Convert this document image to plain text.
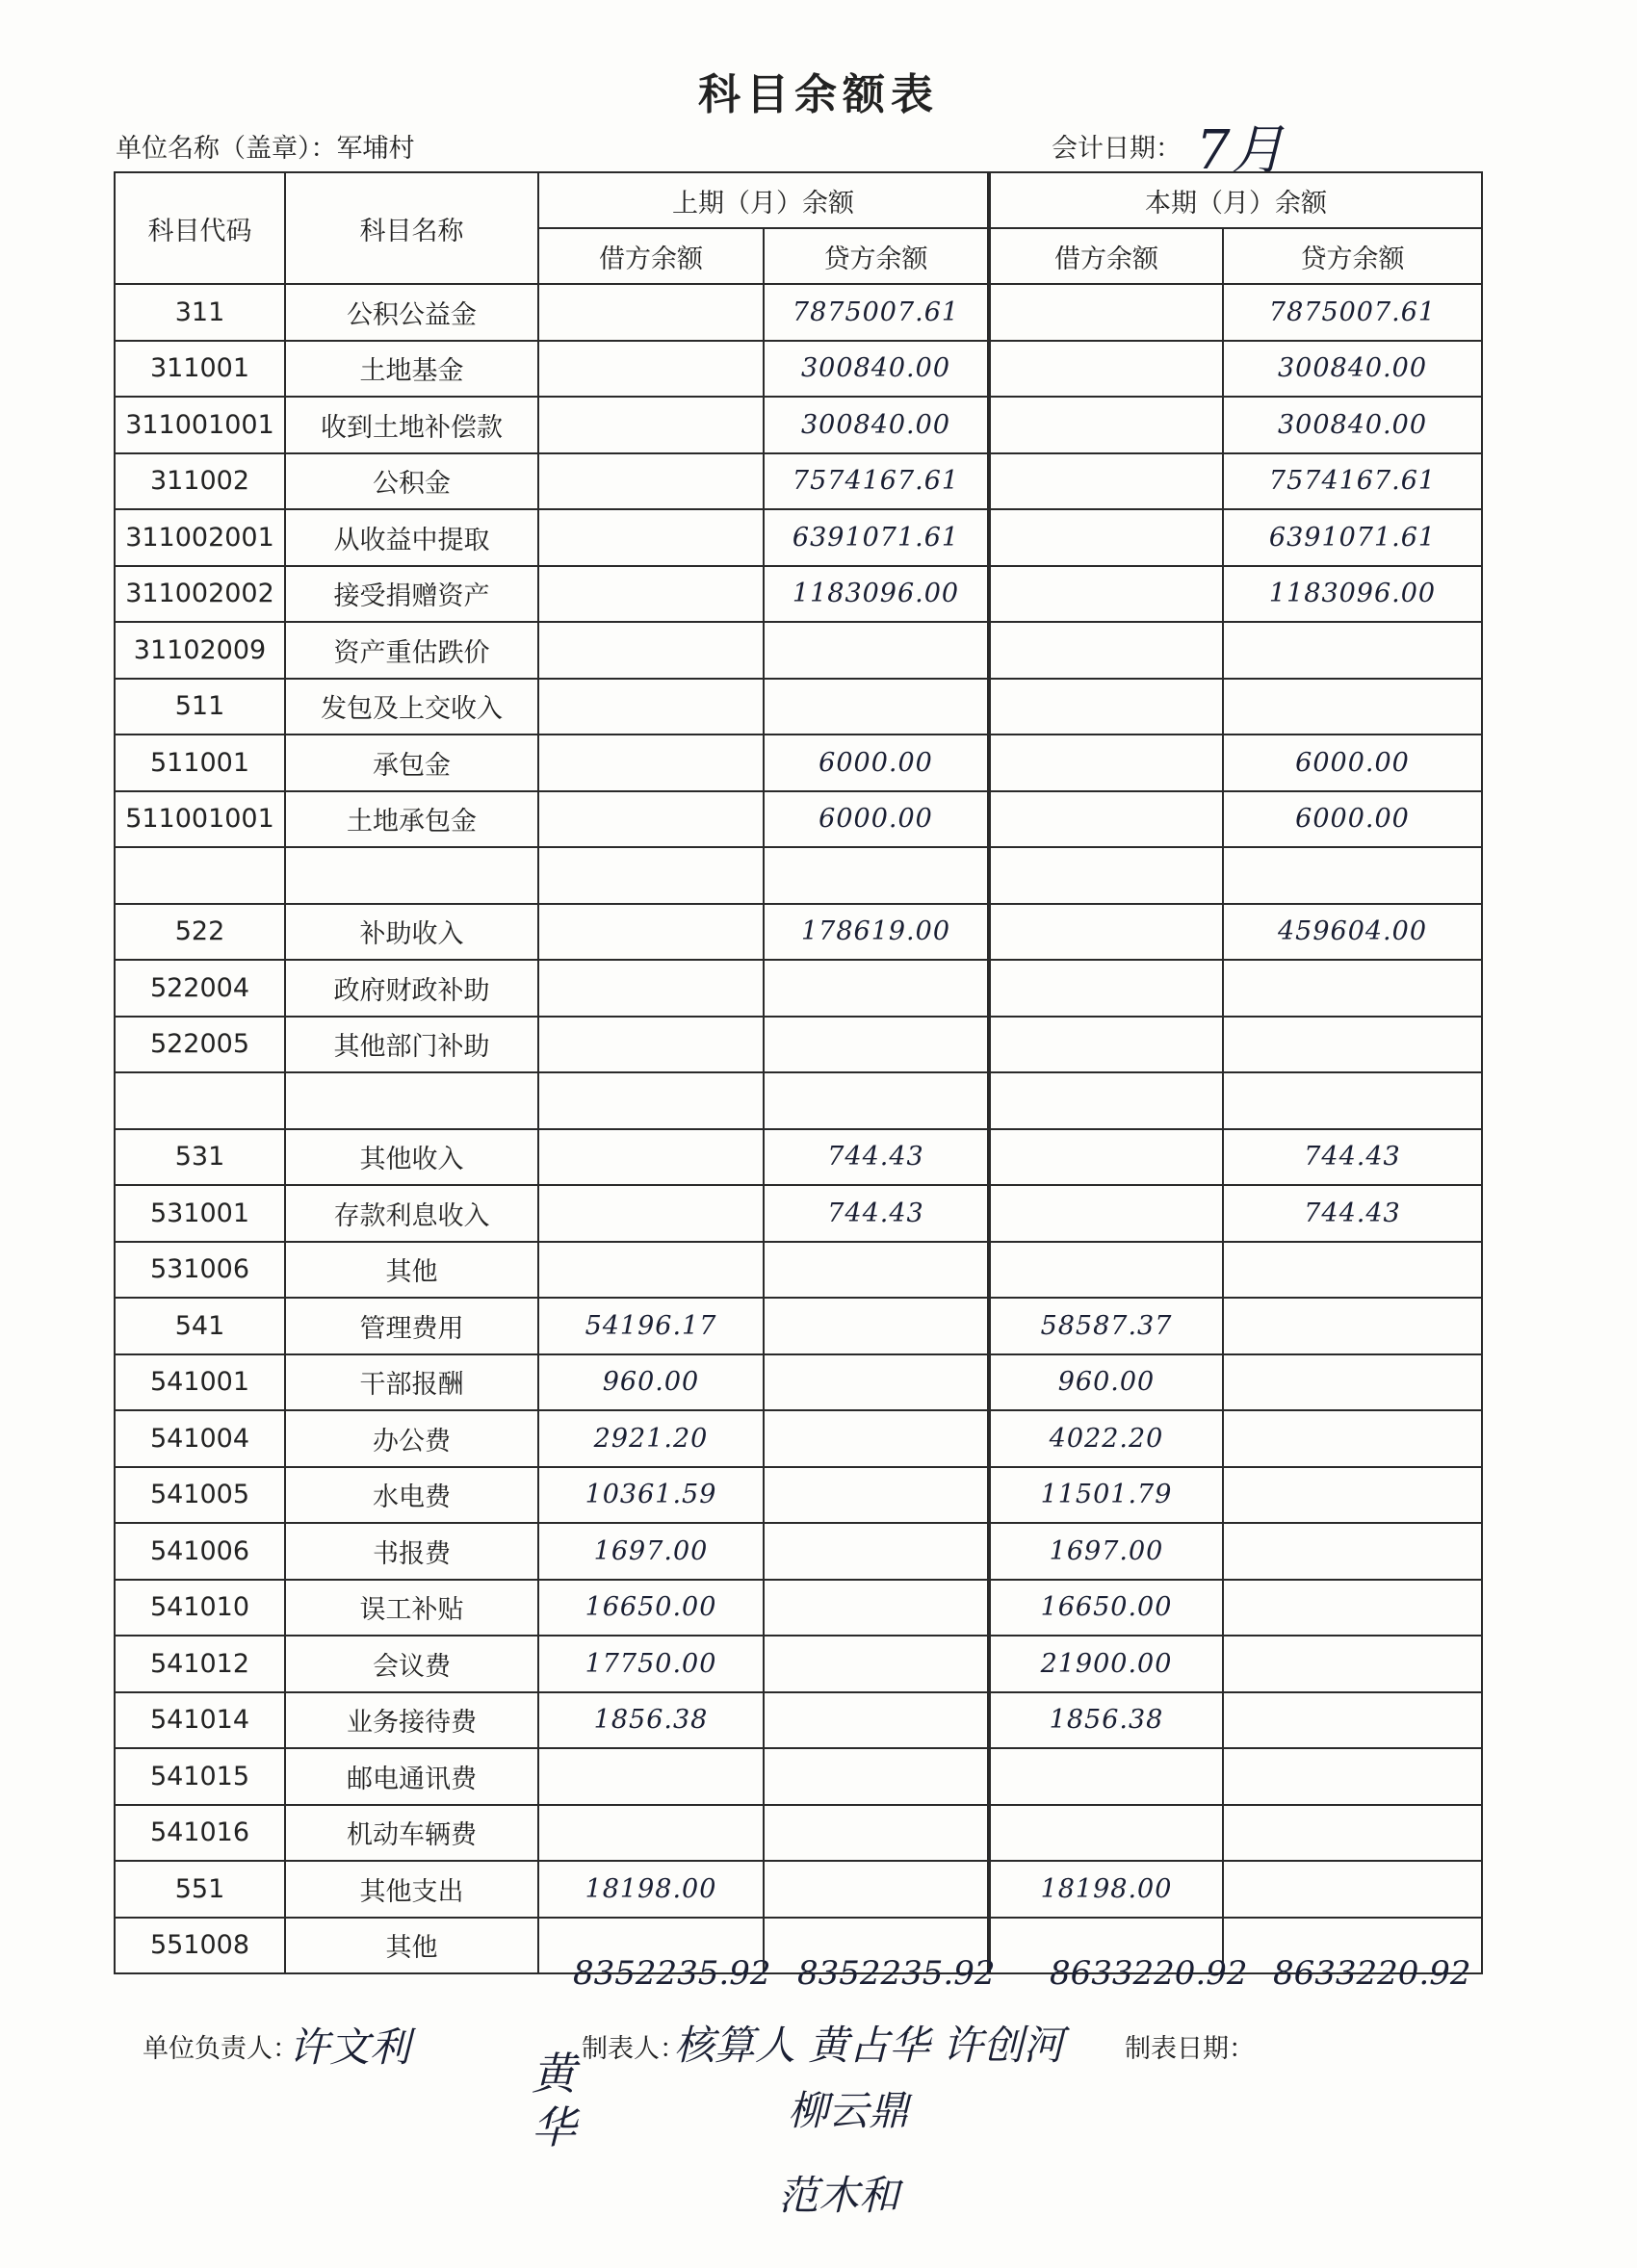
科目余额表
单位名称（盖章）：军埔村	会计日期： 7月
科目代码	科目名称	上期（月）余额		本期（月）余额	
		借方余额	贷方余额	借方余额	贷方余额
311	公积公益金		7875007.61		7875007.61
311001	土地基金		300840.00		300840.00
311001001	收到土地补偿款		300840.00		300840.00
311002	公积金		7574167.61		7574167.61
311002001	从收益中提取		6391071.61		6391071.61
311002002	接受捐赠资产		1183096.00		1183096.00
31102009	资产重估跌价				
511	发包及上交收入				
511001	承包金		6000.00		6000.00
511001001	土地承包金		6000.00		6000.00

522	补助收入		178619.00		459604.00
522004	政府财政补助				
522005	其他部门补助				

531	其他收入		744.43		744.43
531001	存款利息收入		744.43		744.43
531006	其他				
541	管理费用	54196.17		58587.37	
541001	干部报酬	960.00		960.00	
541004	办公费	2921.20		4022.20	
541005	水电费	10361.59		11501.79	
541006	书报费	1697.00		1697.00	
541010	误工补贴	16650.00		16650.00	
541012	会议费	17750.00		21900.00	
541014	业务接待费	1856.38		1856.38	
541015	邮电通讯费				
541016	机动车辆费				
551	其他支出	18198.00		18198.00	
551008	其他				
8352235.92 8352235.92 8633220.92 8633220.92
单位负责人：
许文利	制表人：
核算人 黄占华 许创河
柳云鼎
范木和
黄华
制表日期：
